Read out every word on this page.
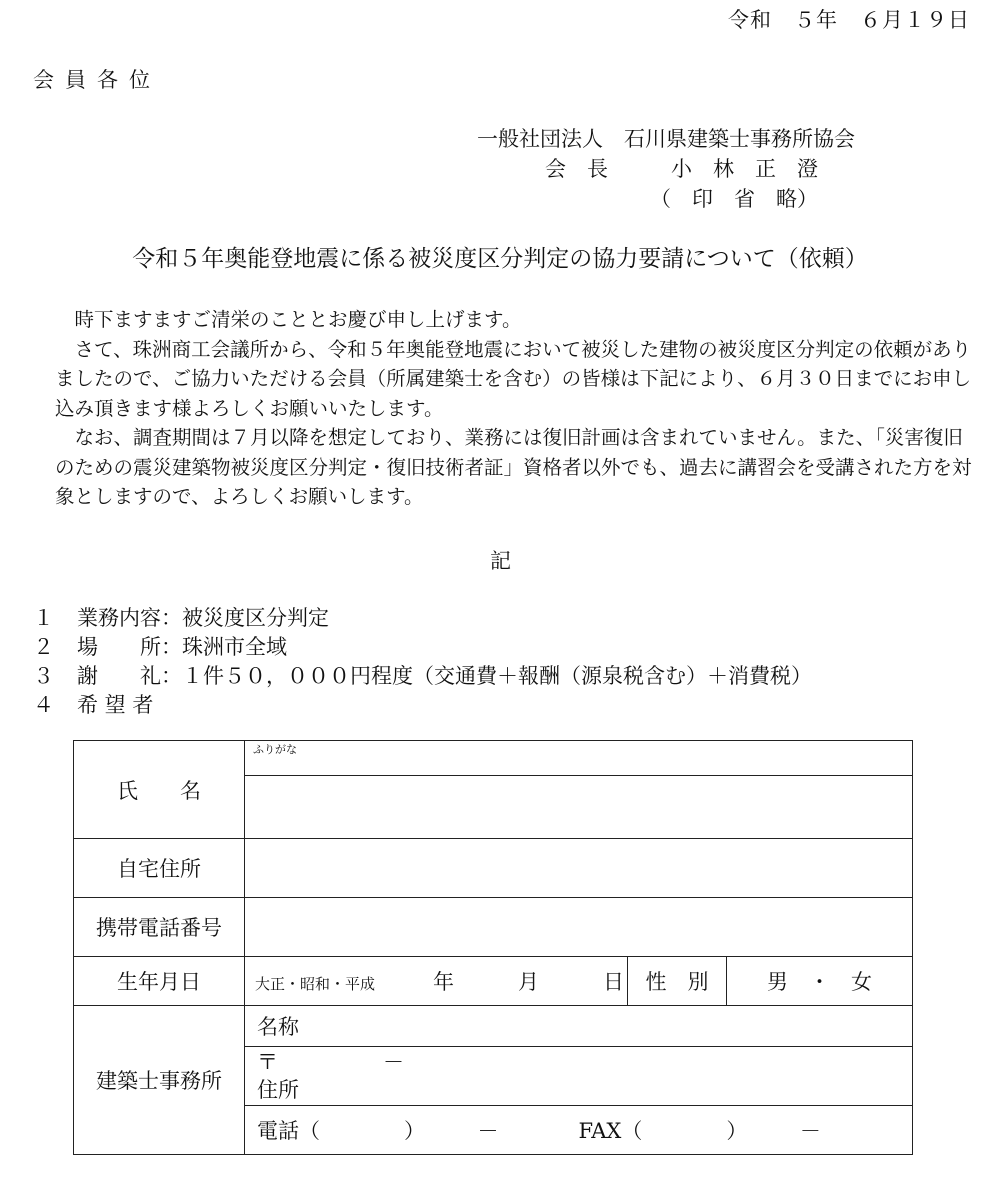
令和　５年　６月１９日
会員各位
一般社団法人　石川県建築士事務所協会
会　長　　　小　林　正　澄
（　印　省　略）
令和５年奥能登地震に係る被災度区分判定の協力要請について（依頼）

　時下ますますご清栄のこととお慶び申し上げます。

　さて、珠洲商工会議所から、令和５年奥能登地震において被災した建物の被災度区分判定の依頼がありましたので、ご協力いただける会員（所属建築士を含む）の皆様は下記により、６月３０日までにお申し込み頂きます様よろしくお願いいたします。

　なお、調査期間は７月以降を想定しており、業務には復旧計画は含まれていません。また、「災害復旧のための震災建築物被災度区分判定・復旧技術者証」資格者以外でも、過去に講習会を受講された方を対象としますので、よろしくお願いします。

記
１ 業務内容：被災度区分判定
２ 場　　所：珠洲市全域
３ 謝　　礼：１件５０，０００円程度（交通費＋報酬（源泉税含む）＋消費税）
４ 希 望 者
氏　　名	ふりがな		

自宅住所			
携帯電話番号			
生年月日	大正・昭和・平成 年 月 日	性　別	男　・　女
建築士事務所	名称		

	〒　　　　　－
住所		

	電話（　　　　）　　　－ FAX（　　　　）　　　－		
